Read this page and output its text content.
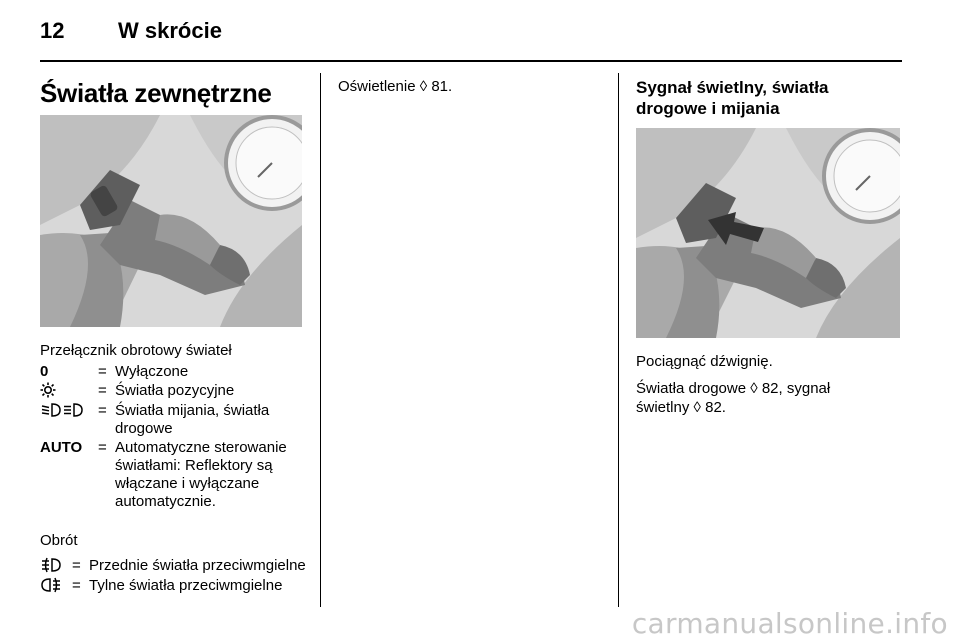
12	W skrócie
Światła zewnętrzne

Przełącznik obrotowy świateł

0	= Wyłączone
= Światła pozycyjne
= Światła mijania, światła drogowe
AUTO	= Automatyczne sterowanie światłami: Reflektory są włączane i wyłączane automatycznie.

Obrót

= Przednie światła przeciwmgielne
= Tylne światła przeciwmgielne

Oświetlenie ◊ 81.	Sygnał świetlny, światła drogowe i mijania

Pociągnąć dźwignię.

Światła drogowe ◊ 82, sygnał
świetlny ◊ 82.

carmanualsonline.info
